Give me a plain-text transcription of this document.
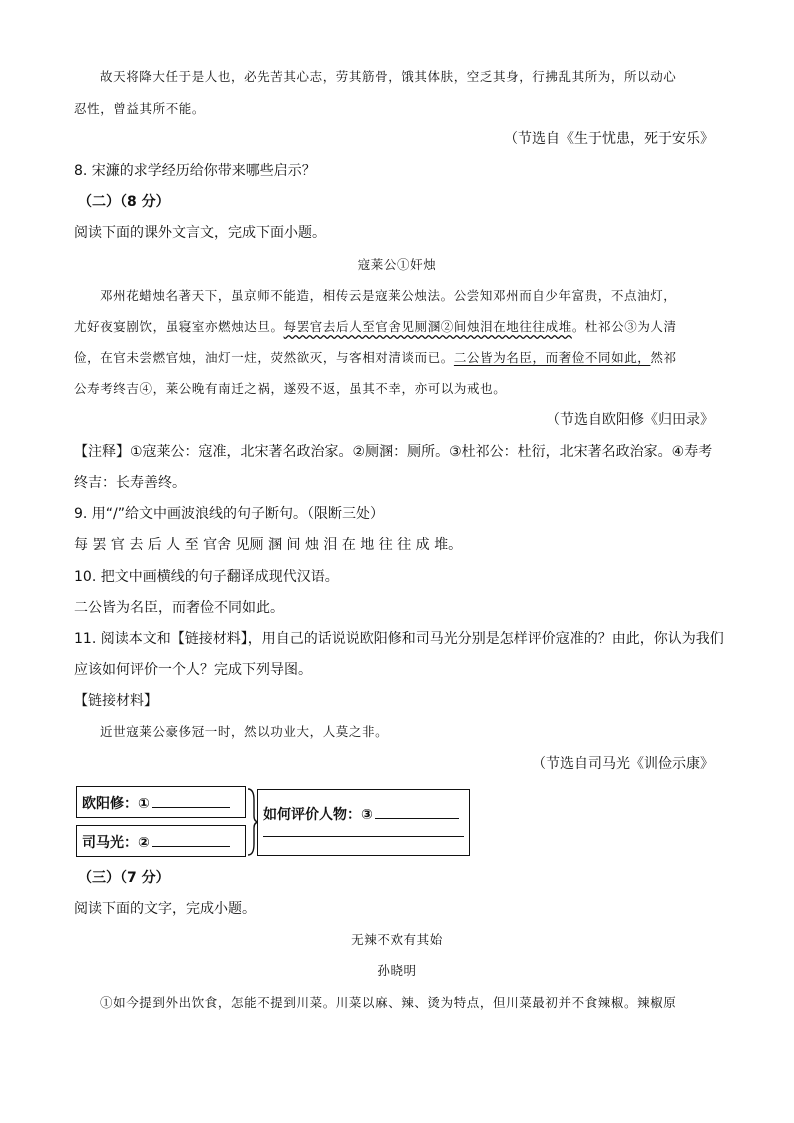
故天将降大任于是人也，必先苦其心志，劳其筋骨，饿其体肤，空乏其身，行拂乱其所为，所以动心
忍性，曾益其所不能。
（节选自《生于忧患，死于安乐》
8. 宋濂的求学经历给你带来哪些启示？
（二）（8 分）
阅读下面的课外文言文，完成下面小题。
寇莱公①奸烛
邓州花蜡烛名著天下，虽京师不能造，相传云是寇莱公烛法。公尝知邓州而自少年富贵，不点油灯，
尤好夜宴剧饮，虽寝室亦燃烛达旦。每罢官去后人至官舍见厕溷②间烛泪在地往往成堆。杜祁公③为人清
俭，在官未尝燃官烛，油灯一炷，荧然欲灭，与客相对清谈而已。二公皆为名臣，而奢俭不同如此，然祁
公寿考终吉④，莱公晚有南迁之祸，遂殁不返，虽其不幸，亦可以为戒也。
（节选自欧阳修《归田录》
【注释】①寇莱公：寇准，北宋著名政治家。②厕溷：厕所。③杜祁公：杜衍，北宋著名政治家。④寿考
终吉：长寿善终。
9. 用“/”给文中画波浪线的句子断句。（限断三处）
每 罢 官 去 后 人 至 官舍 见厕 溷 间 烛 泪 在 地 往 往 成 堆。
10. 把文中画横线的句子翻译成现代汉语。
二公皆为名臣，而奢俭不同如此。
11. 阅读本文和【链接材料】，用自己的话说说欧阳修和司马光分别是怎样评价寇准的？由此，你认为我们
应该如何评价一个人？完成下列导图。
【链接材料】
近世寇莱公豪侈冠一时，然以功业大，人莫之非。
（节选自司马光《训俭示康》
欧阳修：①
司马光：②
如何评价人物：③
（三）（7 分）
阅读下面的文字，完成小题。
无辣不欢有其始
孙晓明
①如今提到外出饮食，怎能不提到川菜。川菜以麻、辣、烫为特点，但川菜最初并不食辣椒。辣椒原
